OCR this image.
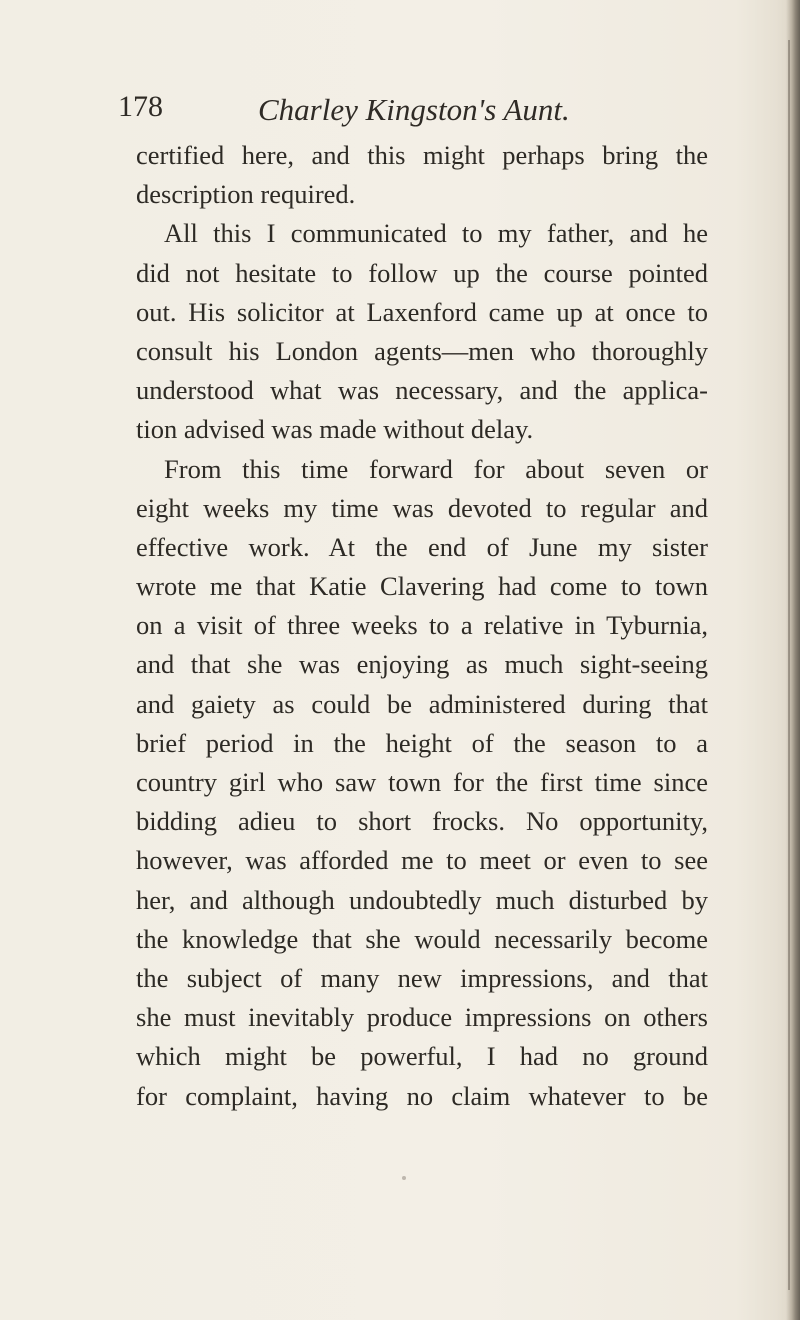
178	Charley Kingston's Aunt.
certified here, and this might perhaps bring the
description required.
All this I communicated to my father, and he
did not hesitate to follow up the course pointed
out. His solicitor at Laxenford came up at once to
consult his London agents—men who thoroughly
understood what was necessary, and the applica-
tion advised was made without delay.
From this time forward for about seven or
eight weeks my time was devoted to regular and
effective work. At the end of June my sister
wrote me that Katie Clavering had come to town
on a visit of three weeks to a relative in Tyburnia,
and that she was enjoying as much sight-seeing
and gaiety as could be administered during that
brief period in the height of the season to a
country girl who saw town for the first time since
bidding adieu to short frocks. No opportunity,
however, was afforded me to meet or even to see
her, and although undoubtedly much disturbed by
the knowledge that she would necessarily become
the subject of many new impressions, and that
she must inevitably produce impressions on others
which might be powerful, I had no ground
for complaint, having no claim whatever to be
